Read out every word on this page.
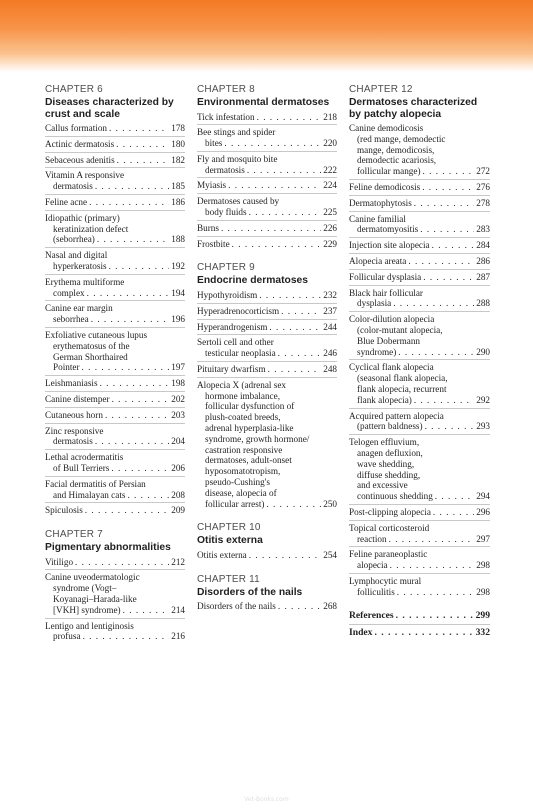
CHAPTER 6
Diseases characterized by crust and scale
Callus formation . . .	178
Actinic dermatosis . . .	180
Sebaceous adenitis . . .	182
Vitamin A responsive
dermatosis . . .	185
Feline acne . . .	186
Idiopathic (primary)
keratinization defect
(seborrhea) . . .	188
Nasal and digital
hyperkeratosis . . .	192
Erythema multiforme
complex . . .	194
Canine ear margin
seborrhea . . .	196
Exfoliative cutaneous lupus
erythematosus of the
German Shorthaired
Pointer . . .	197
Leishmaniasis . . .	198
Canine distemper . . .	202
Cutaneous horn . . .	203
Zinc responsive
dermatosis . . .	204
Lethal acrodermatitis
of Bull Terriers . . .	206
Facial dermatitis of Persian
and Himalayan cats . . .	208
Spiculosis . . .	209
CHAPTER 7
Pigmentary abnormalities
Vitiligo . . .	212
Canine uveodermatologic
syndrome (Vogt–
Koyanagi–Harada-like
[VKH] syndrome) . . .	214
Lentigo and lentiginosis
profusa . . .	216
CHAPTER 8
Environmental dermatoses
Tick infestation . . .	218
Bee stings and spider
bites . . .	220
Fly and mosquito bite
dermatosis . . .	222
Myiasis . . .	224
Dermatoses caused by
body fluids . . .	225
Burns . . .	226
Frostbite . . .	229
CHAPTER 9
Endocrine dermatoses
Hypothyroidism . . .	232
Hyperadrenocorticism . . .	237
Hyperandrogenism . . .	244
Sertoli cell and other
testicular neoplasia . . .	246
Pituitary dwarfism . . .	248
Alopecia X (adrenal sex
hormone imbalance,
follicular dysfunction of
plush-coated breeds,
adrenal hyperplasia-like
syndrome, growth hormone/
castration responsive
dermatoses, adult-onset
hyposomatotropism,
pseudo-Cushing's
disease, alopecia of
follicular arrest) . . .	250
CHAPTER 10
Otitis externa
Otitis externa . . .	254
CHAPTER 11
Disorders of the nails
Disorders of the nails . . .	268
CHAPTER 12
Dermatoses characterized by patchy alopecia
Canine demodicosis
(red mange, demodectic
mange, demodicosis,
demodectic acariosis,
follicular mange) . . .	272
Feline demodicosis . . .	276
Dermatophytosis . . .	278
Canine familial
dermatomyositis . . .	283
Injection site alopecia . . .	284
Alopecia areata . . .	286
Follicular dysplasia . . .	287
Black hair follicular
dysplasia . . .	288
Color-dilution alopecia
(color-mutant alopecia,
Blue Dobermann
syndrome) . . .	290
Cyclical flank alopecia
(seasonal flank alopecia,
flank alopecia, recurrent
flank alopecia) . . .	292
Acquired pattern alopecia
(pattern baldness) . . .	293
Telogen effluvium,
anagen defluxion,
wave shedding,
diffuse shedding,
and excessive
continuous shedding . . .	294
Post-clipping alopecia . . .	296
Topical corticosteroid
reaction . . .	297
Feline paraneoplastic
alopecia . . .	298
Lymphocytic mural
folliculitis . . .	298
References . . .	299
Index . . .	332
Vet-Books.com
